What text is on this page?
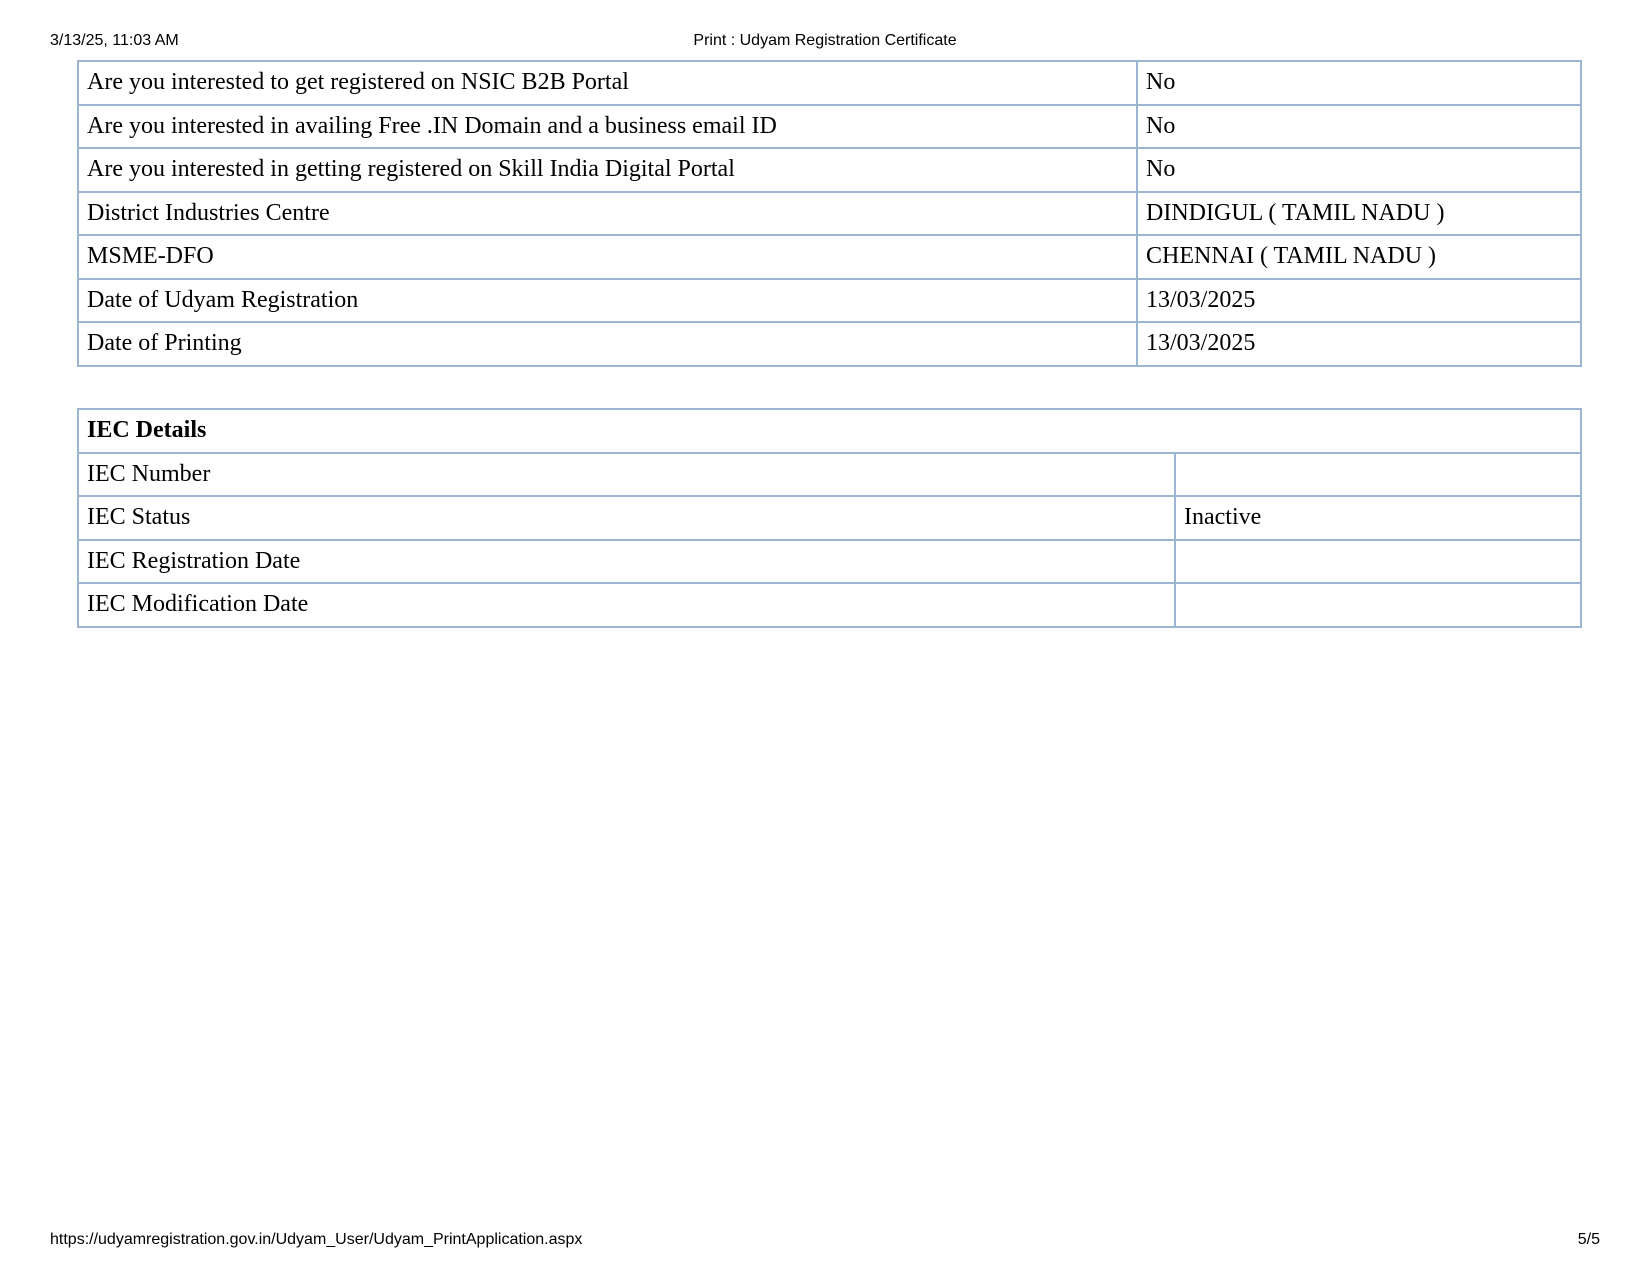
3/13/25, 11:03 AM	Print : Udyam Registration Certificate
Are you interested to get registered on NSIC B2B Portal	No
Are you interested in availing Free .IN Domain and a business email ID	No
Are you interested in getting registered on Skill India Digital Portal	No
District Industries Centre	DINDIGUL ( TAMIL NADU )
MSME-DFO	CHENNAI ( TAMIL NADU )
Date of Udyam Registration	13/03/2025
Date of Printing	13/03/2025
IEC Details	
IEC Number	
IEC Status	Inactive
IEC Registration Date	
IEC Modification Date	
https://udyamregistration.gov.in/Udyam_User/Udyam_PrintApplication.aspx	5/5
